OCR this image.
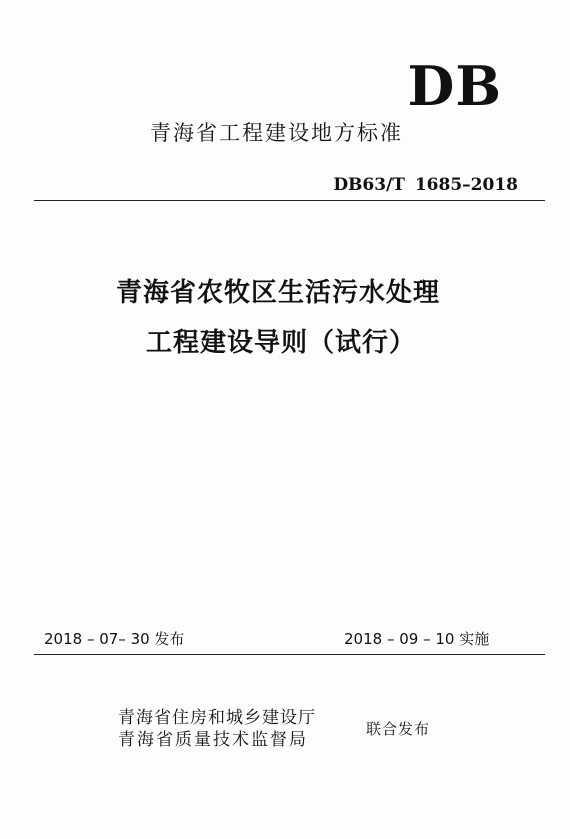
DB
青海省工程建设地方标准
DB63/T 1685–2018
青海省农牧区生活污水处理
工程建设导则（试行）
2018 – 07– 30 发布	2018 – 09 – 10 实施
青海省住房和城乡建设厅
青海省质量技术监督局
联合发布
